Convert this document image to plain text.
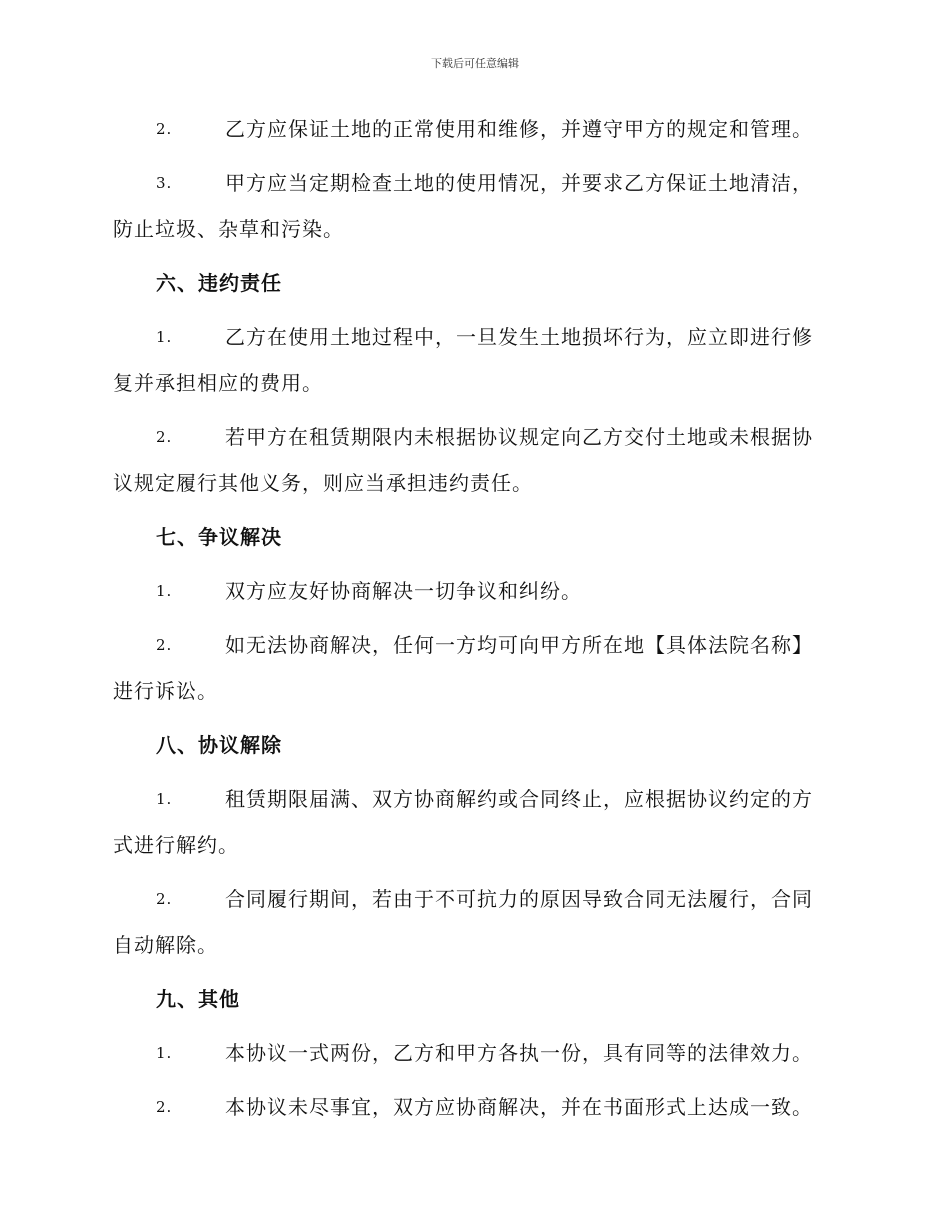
下载后可任意编辑
2.	乙方应保证土地的正常使用和维修，并遵守甲方的规定和管理。
3.	甲方应当定期检查土地的使用情况，并要求乙方保证土地清洁，
防止垃圾、杂草和污染。
六、违约责任
1.	乙方在使用土地过程中，一旦发生土地损坏行为，应立即进行修
复并承担相应的费用。
2.	若甲方在租赁期限内未根据协议规定向乙方交付土地或未根据协
议规定履行其他义务，则应当承担违约责任。
七、争议解决
1.	双方应友好协商解决一切争议和纠纷。
2.	如无法协商解决，任何一方均可向甲方所在地【具体法院名称】
进行诉讼。
八、协议解除
1.	租赁期限届满、双方协商解约或合同终止，应根据协议约定的方
式进行解约。
2.	合同履行期间，若由于不可抗力的原因导致合同无法履行，合同
自动解除。
九、其他
1.	本协议一式两份，乙方和甲方各执一份，具有同等的法律效力。
2.	本协议未尽事宜，双方应协商解决，并在书面形式上达成一致。
